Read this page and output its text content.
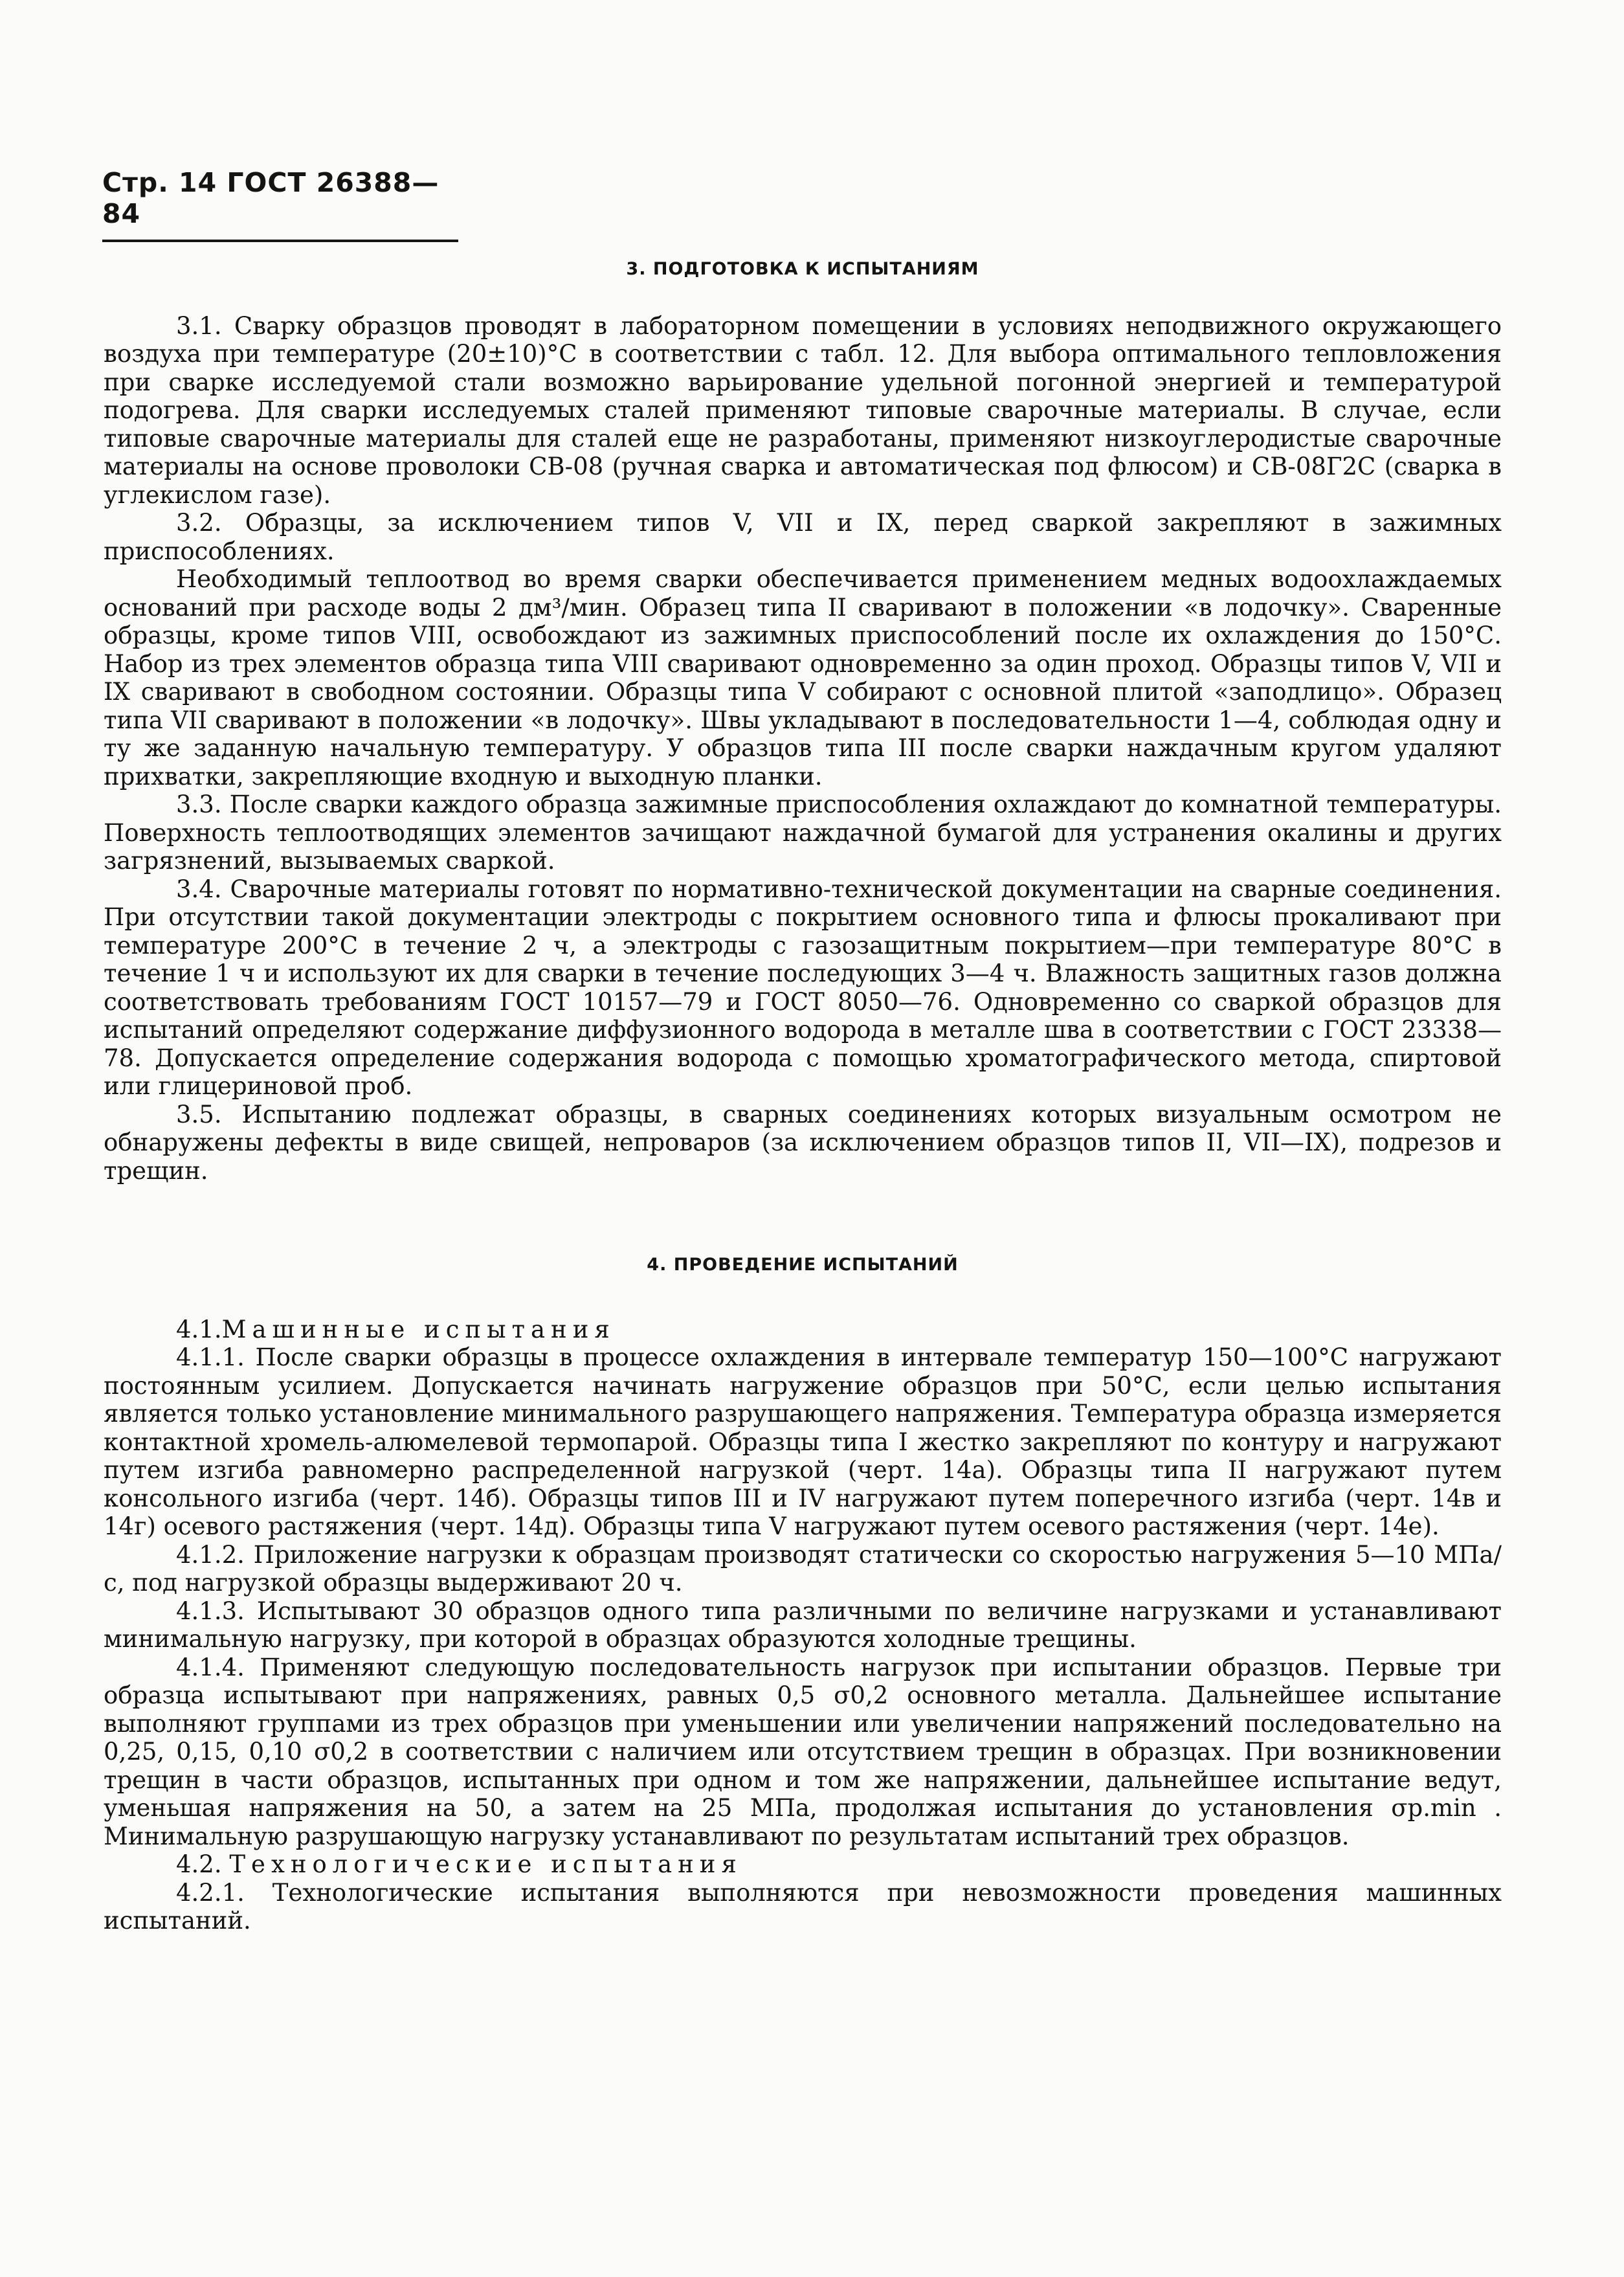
Стр. 14 ГОСТ 26388—84
3. ПОДГОТОВКА К ИСПЫТАНИЯМ

3.1. Сварку образцов проводят в лабораторном помещении в условиях неподвижного окружающего воздуха при температуре (20±10)°С в соответствии с табл. 12. Для выбора оптимального тепловложения при сварке исследуемой стали возможно варьирование удельной погонной энергией и температурой подогрева. Для сварки исследуемых сталей применяют типовые сварочные материалы. В случае, если типовые сварочные материалы для сталей еще не разработаны, применяют низкоуглеродистые сварочные материалы на основе проволоки СВ-08 (ручная сварка и автоматическая под флюсом) и СВ-08Г2С (сварка в углекислом газе).

3.2. Образцы, за исключением типов V, VII и IX, перед сваркой закрепляют в зажимных приспособлениях.

Необходимый теплоотвод во время сварки обеспечивается применением медных водоохлаждаемых оснований при расходе воды 2 дм³/мин. Образец типа II сваривают в положении «в лодочку». Сваренные образцы, кроме типов VIII, освобождают из зажимных приспособлений после их охлаждения до 150°С. Набор из трех элементов образца типа VIII сваривают одновременно за один проход. Образцы типов V, VII и IX сваривают в свободном состоянии. Образцы типа V собирают с основной плитой «заподлицо». Образец типа VII сваривают в положении «в лодочку». Швы укладывают в последовательности 1—4, соблюдая одну и ту же заданную начальную температуру. У образцов типа III после сварки наждачным кругом удаляют прихватки, закрепляющие входную и выходную планки.

3.3. После сварки каждого образца зажимные приспособления охлаждают до комнатной температуры. Поверхность теплоотводящих элементов зачищают наждачной бумагой для устранения окалины и других загрязнений, вызываемых сваркой.

3.4. Сварочные материалы готовят по нормативно-технической документации на сварные соединения. При отсутствии такой документации электроды с покрытием основного типа и флюсы прокаливают при температуре 200°С в течение 2 ч, а электроды с газозащитным покрытием—при температуре 80°С в течение 1 ч и используют их для сварки в течение последующих 3—4 ч. Влажность защитных газов должна соответствовать требованиям ГОСТ 10157—79 и ГОСТ 8050—76. Одновременно со сваркой образцов для испытаний определяют содержание диффузионного водорода в металле шва в соответствии с ГОСТ 23338—78. Допускается определение содержания водорода с помощью хроматографического метода, спиртовой или глицериновой проб.

3.5. Испытанию подлежат образцы, в сварных соединениях которых визуальным осмотром не обнаружены дефекты в виде свищей, непроваров (за исключением образцов типов II, VII—IX), подрезов и трещин.

4. ПРОВЕДЕНИЕ ИСПЫТАНИЙ

4.1.Машинные испытания

4.1.1. После сварки образцы в процессе охлаждения в интервале температур 150—100°С нагружают постоянным усилием. Допускается начинать нагружение образцов при 50°С, если целью испытания является только установление минимального разрушающего напряжения. Температура образца измеряется контактной хромель-алюмелевой термопарой. Образцы типа I жестко закрепляют по контуру и нагружают путем изгиба равномерно распределенной нагрузкой (черт. 14а). Образцы типа II нагружают путем консольного изгиба (черт. 14б). Образцы типов III и IV нагружают путем поперечного изгиба (черт. 14в и 14г) осевого растяжения (черт. 14д). Образцы типа V нагружают путем осевого растяжения (черт. 14е).

4.1.2. Приложение нагрузки к образцам производят статически со скоростью нагружения 5—10 МПа/с, под нагрузкой образцы выдерживают 20 ч.

4.1.3. Испытывают 30 образцов одного типа различными по величине нагрузками и устанавливают минимальную нагрузку, при которой в образцах образуются холодные трещины.

4.1.4. Применяют следующую последовательность нагрузок при испытании образцов. Первые три образца испытывают при напряжениях, равных 0,5 σ0,2 основного металла. Дальнейшее испытание выполняют группами из трех образцов при уменьшении или увеличении напряжений последовательно на 0,25, 0,15, 0,10 σ0,2 в соответствии с наличием или отсутствием трещин в образцах. При возникновении трещин в части образцов, испытанных при одном и том же напряжении, дальнейшее испытание ведут, уменьшая напряжения на 50, а затем на 25 МПа, продолжая испытания до установления σp.min . Минимальную разрушающую нагрузку устанавливают по результатам испытаний трех образцов.

4.2. Технологические испытания

4.2.1. Технологические испытания выполняются при невозможности проведения машинных испытаний.
